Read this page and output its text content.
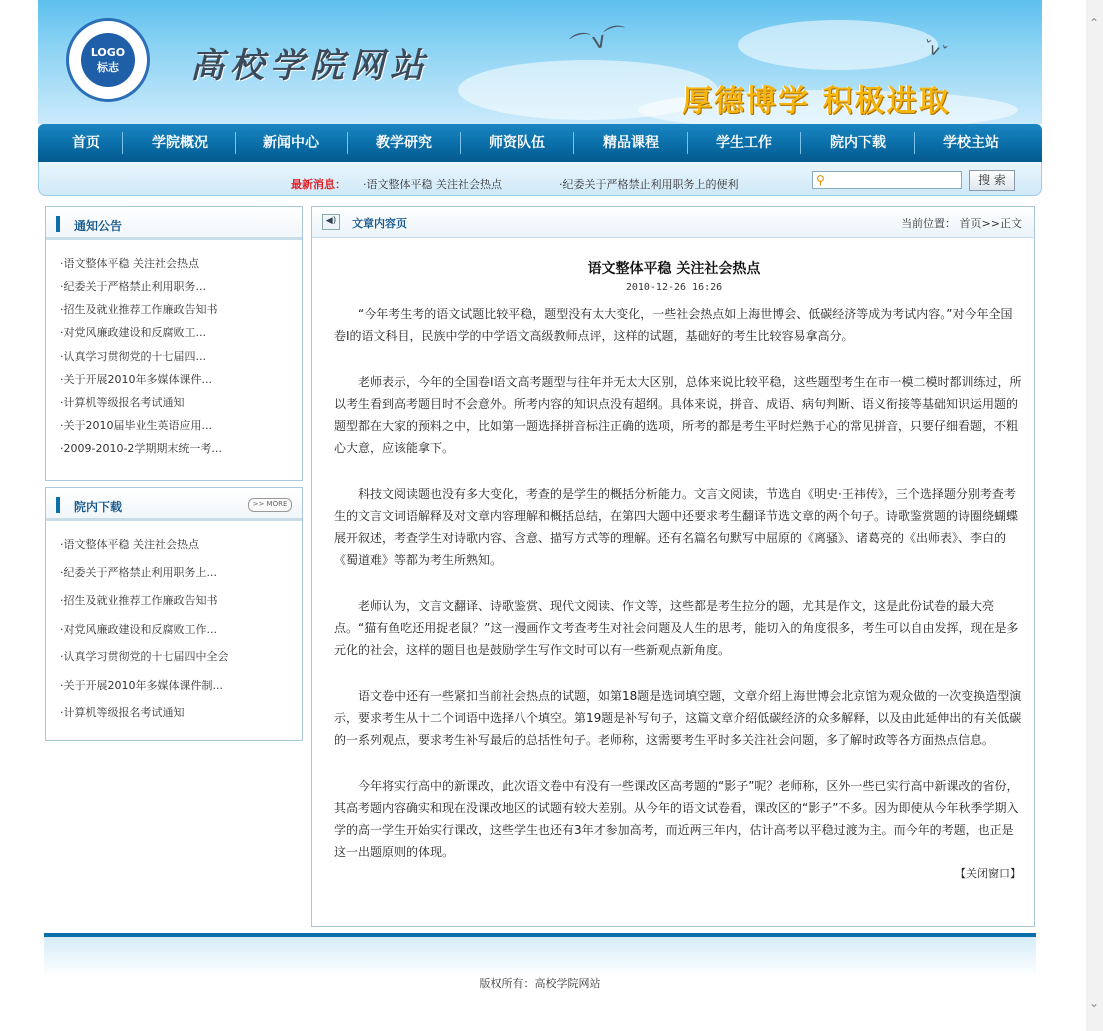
LOGO
标志	高校学院网站
⌒v⌒	ˇvˇ
厚德博学 积极进取
首页	学院概况	新闻中心	教学研究	师资队伍	精品课程	学生工作	院内下载	学校主站
最新消息： ·语文整体平稳 关注社会热点	·纪委关于严格禁止利用职务上的便利	⚲	搜 索
通知公告
·语文整体平稳 关注社会热点
·纪委关于严格禁止利用职务...
·招生及就业推荐工作廉政告知书
·对党风廉政建设和反腐败工...
·认真学习贯彻党的十七届四...
·关于开展2010年多媒体课件...
·计算机等级报名考试通知
·关于2010届毕业生英语应用...
·2009-2010-2学期期末统一考...
院内下载	>> MORE
·语文整体平稳 关注社会热点
·纪委关于严格禁止利用职务上...
·招生及就业推荐工作廉政告知书
·对党风廉政建设和反腐败工作...
·认真学习贯彻党的十七届四中全会
·关于开展2010年多媒体课件制...
·计算机等级报名考试通知
◀)	文章内容页	当前位置： 首页>>正文
语文整体平稳 关注社会热点
2010-12-26 16:26

“今年考生考的语文试题比较平稳，题型没有太大变化，一些社会热点如上海世博会、低碳经济等成为考试内容。”对今年全国卷Ⅰ的语文科目，民族中学的中学语文高级教师点评，这样的试题，基础好的考生比较容易拿高分。

老师表示，今年的全国卷Ⅰ语文高考题型与往年并无太大区别，总体来说比较平稳，这些题型考生在市一模二模时都训练过，所以考生看到高考题目时不会意外。所考内容的知识点没有超纲。具体来说，拼音、成语、病句判断、语义衔接等基础知识运用题的题型都在大家的预料之中，比如第一题选择拼音标注正确的选项，所考的都是考生平时烂熟于心的常见拼音，只要仔细看题，不粗心大意，应该能拿下。

科技文阅读题也没有多大变化，考查的是学生的概括分析能力。文言文阅读，节选自《明史·王祎传》，三个选择题分别考查考生的文言文词语解释及对文章内容理解和概括总结，在第四大题中还要求考生翻译节选文章的两个句子。诗歌鉴赏题的诗圈绕蝴蝶展开叙述，考查学生对诗歌内容、含意、描写方式等的理解。还有名篇名句默写中屈原的《离骚》、诸葛亮的《出师表》、李白的《蜀道难》等都为考生所熟知。

老师认为，文言文翻译、诗歌鉴赏、现代文阅读、作文等，这些都是考生拉分的题，尤其是作文，这是此份试卷的最大亮点。“猫有鱼吃还用捉老鼠？”这一漫画作文考查考生对社会问题及人生的思考，能切入的角度很多，考生可以自由发挥，现在是多元化的社会，这样的题目也是鼓励学生写作文时可以有一些新观点新角度。

语文卷中还有一些紧扣当前社会热点的试题，如第18题是选词填空题，文章介绍上海世博会北京馆为观众做的一次变换造型演示，要求考生从十二个词语中选择八个填空。第19题是补写句子，这篇文章介绍低碳经济的众多解释，以及由此延伸出的有关低碳的一系列观点，要求考生补写最后的总括性句子。老师称，这需要考生平时多关注社会问题，多了解时政等各方面热点信息。

今年将实行高中的新课改，此次语文卷中有没有一些课改区高考题的“影子”呢？老师称，区外一些已实行高中新课改的省份，其高考题内容确实和现在没课改地区的试题有较大差别。从今年的语文试卷看，课改区的“影子”不多。因为即使从今年秋季学期入学的高一学生开始实行课改，这些学生也还有3年才参加高考，而近两三年内，估计高考以平稳过渡为主。而今年的考题，也正是这一出题原则的体现。

【关闭窗口】
版权所有：高校学院网站
⌃
⌄
